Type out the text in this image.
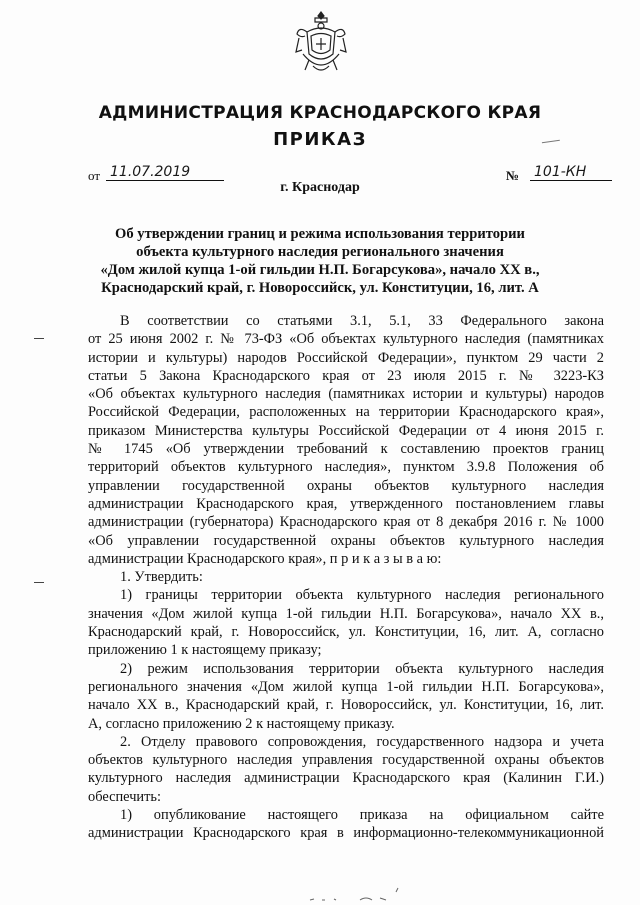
АДМИНИСТРАЦИЯ КРАСНОДАРСКОГО КРАЯ
ПРИКАЗ
от 11.07.2019	№ 101-КН
г. Краснодар
Об утверждении границ и режима использования территории
объекта культурного наследия регионального значения
«Дом жилой купца 1-ой гильдии Н.П. Богарсукова», начало XX в.,
Краснодарский край, г. Новороссийск, ул. Конституции, 16, лит. А
В соответствии со статьями 3.1, 5.1, 33 Федерального закона
от 25 июня 2002 г. № 73-ФЗ «Об объектах культурного наследия (памятниках
истории и культуры) народов Российской Федерации», пунктом 29 части 2
статьи 5 Закона Краснодарского края от 23 июля 2015 г. № 3223-КЗ
«Об объектах культурного наследия (памятниках истории и культуры) народов
Российской Федерации, расположенных на территории Краснодарского края»,
приказом Министерства культуры Российской Федерации от 4 июня 2015 г.
№ 1745 «Об утверждении требований к составлению проектов границ
территорий объектов культурного наследия», пунктом 3.9.8 Положения об
управлении государственной охраны объектов культурного наследия
администрации Краснодарского края, утвержденного постановлением главы
администрации (губернатора) Краснодарского края от 8 декабря 2016 г. № 1000
«Об управлении государственной охраны объектов культурного наследия
администрации Краснодарского края», п р и к а з ы в а ю:
1. Утвердить:
1) границы территории объекта культурного наследия регионального
значения «Дом жилой купца 1-ой гильдии Н.П. Богарсукова», начало XX в.,
Краснодарский край, г. Новороссийск, ул. Конституции, 16, лит. А, согласно
приложению 1 к настоящему приказу;
2) режим использования территории объекта культурного наследия
регионального значения «Дом жилой купца 1-ой гильдии Н.П. Богарсукова»,
начало XX в., Краснодарский край, г. Новороссийск, ул. Конституции, 16, лит.
А, согласно приложению 2 к настоящему приказу.
2. Отделу правового сопровождения, государственного надзора и учета
объектов культурного наследия управления государственной охраны объектов
культурного наследия администрации Краснодарского края (Калинин Г.И.)
обеспечить:
1) опубликование настоящего приказа на официальном сайте
администрации Краснодарского края в информационно-телекоммуникационной
